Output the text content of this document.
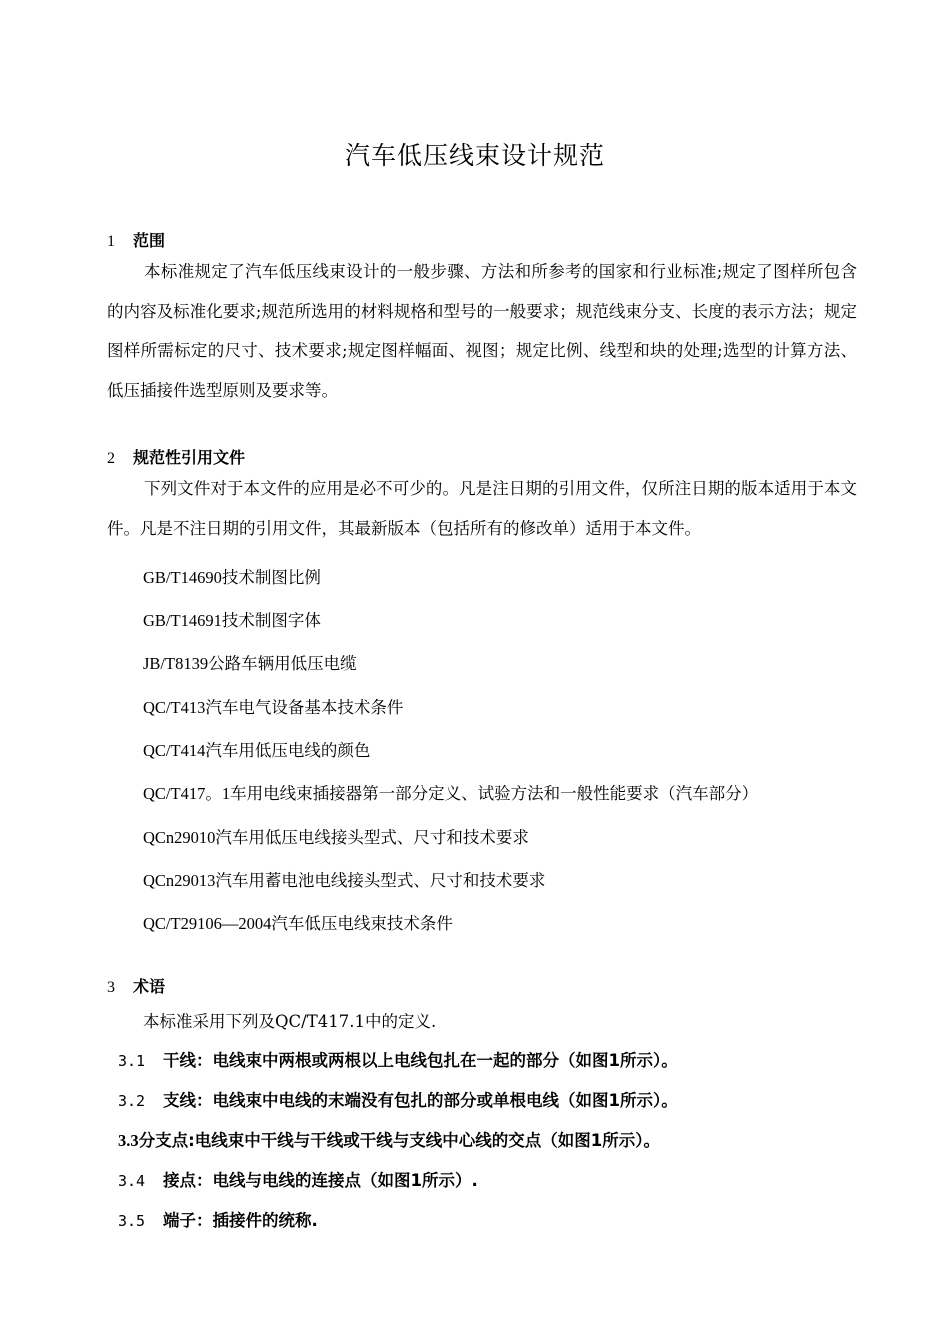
汽车低压线束设计规范
1 范围
本标准规定了汽车低压线束设计的一般步骤、方法和所参考的国家和行业标准;规定了图样所包含的内容及标准化要求;规范所选用的材料规格和型号的一般要求；规范线束分支、长度的表示方法；规定图样所需标定的尺寸、技术要求;规定图样幅面、视图；规定比例、线型和块的处理;选型的计算方法、低压插接件选型原则及要求等。
2 规范性引用文件
下列文件对于本文件的应用是必不可少的。凡是注日期的引用文件，仅所注日期的版本适用于本文件。凡是不注日期的引用文件，其最新版本（包括所有的修改单）适用于本文件。
GB/T14690技术制图比例
GB/T14691技术制图字体
JB/T8139公路车辆用低压电缆
QC/T413汽车电气设备基本技术条件
QC/T414汽车用低压电线的颜色
QC/T417。1车用电线束插接器第一部分定义、试验方法和一般性能要求（汽车部分）
QCn29010汽车用低压电线接头型式、尺寸和技术要求
QCn29013汽车用蓄电池电线接头型式、尺寸和技术要求
QC/T29106—2004汽车低压电线束技术条件
3 术语
本标准采用下列及QC/T417.1中的定义.
3.1 干线：电线束中两根或两根以上电线包扎在一起的部分（如图1所示）。
3.2 支线：电线束中电线的末端没有包扎的部分或单根电线（如图1所示）。
3.3分支点:电线束中干线与干线或干线与支线中心线的交点（如图1所示）。
3.4 接点：电线与电线的连接点（如图1所示）.
3.5 端子：插接件的统称.
